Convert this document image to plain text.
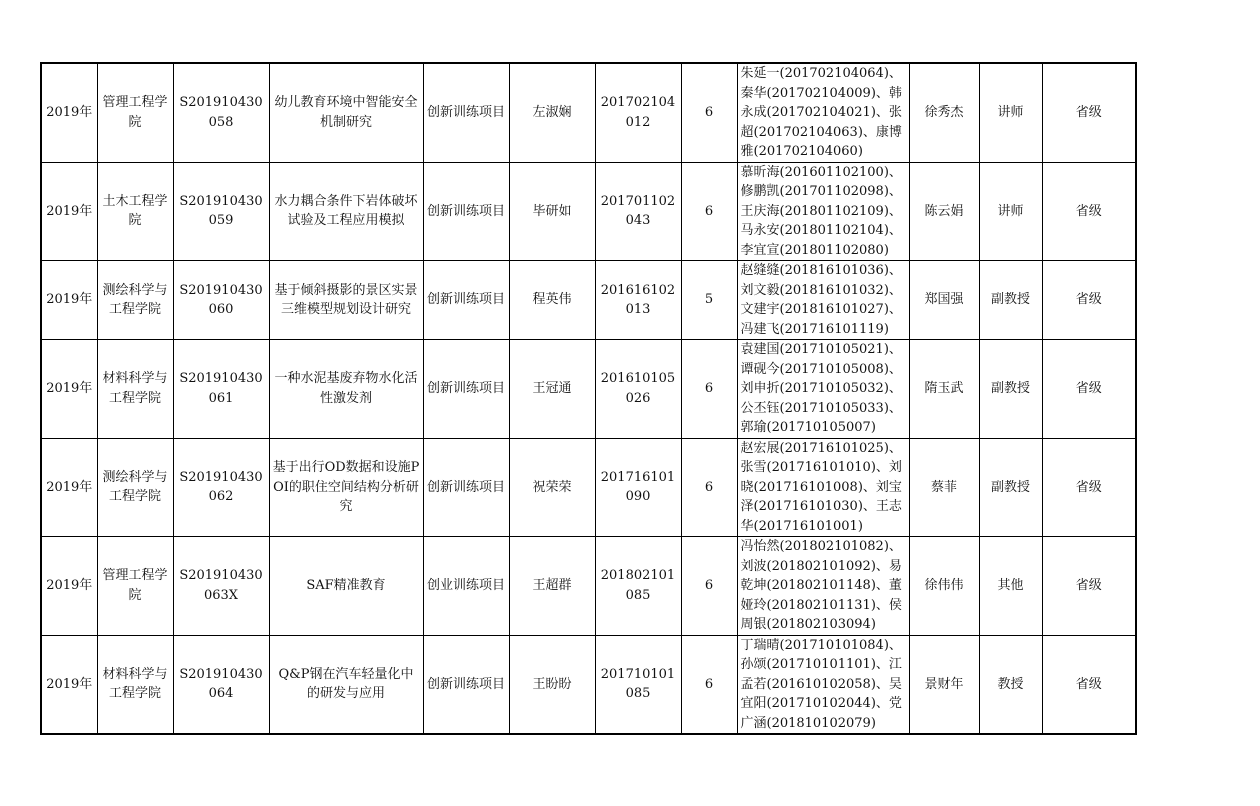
2019年	管理工程学院	S201910430058	幼儿教育环境中智能安全机制研究	创新训练项目	左淑娴	201702104012	6	朱延一(201702104064)、秦华(201702104009)、韩永成(201702104021)、张超(201702104063)、康博雅(201702104060)	徐秀杰	讲师	省级
2019年	土木工程学院	S201910430059	水力耦合条件下岩体破坏试验及工程应用模拟	创新训练项目	毕研如	201701102043	6	慕昕海(201601102100)、修鹏凯(201701102098)、王庆海(201801102109)、马永安(201801102104)、李宜宣(201801102080)	陈云娟	讲师	省级
2019年	测绘科学与工程学院	S201910430060	基于倾斜摄影的景区实景三维模型规划设计研究	创新训练项目	程英伟	201616102013	5	赵缝缝(201816101036)、刘文毅(201816101032)、文建宇(201816101027)、冯建飞(201716101119)	郑国强	副教授	省级
2019年	材料科学与工程学院	S201910430061	一种水泥基废弃物水化活性激发剂	创新训练项目	王冠通	201610105026	6	袁建国(201710105021)、谭砚今(201710105008)、刘申折(201710105032)、公丕钰(201710105033)、郭瑜(201710105007)	隋玉武	副教授	省级
2019年	测绘科学与工程学院	S201910430062	基于出行OD数据和设施POI的职住空间结构分析研究	创新训练项目	祝荣荣	201716101090	6	赵宏展(201716101025)、张雪(201716101010)、刘晓(201716101008)、刘宝泽(201716101030)、王志华(201716101001)	蔡菲	副教授	省级
2019年	管理工程学院	S20191043006​3X	SAF精准教育	创业训练项目	王超群	201802101085	6	冯怡然(201802101082)、刘波(201802101092)、易乾坤(201802101148)、董娅玲(201802101131)、侯周银(201802103094)	徐伟伟	其他	省级
2019年	材料科学与工程学院	S201910430064	Q&P钢在汽车轻量化中的研发与应用	创新训练项目	王盼盼	201710101085	6	丁瑞晴(201710101084)、孙颂(201710101101)、江孟若(201610102058)、吴宜阳(201710102044)、党广涵(201810102079)	景财年	教授	省级
